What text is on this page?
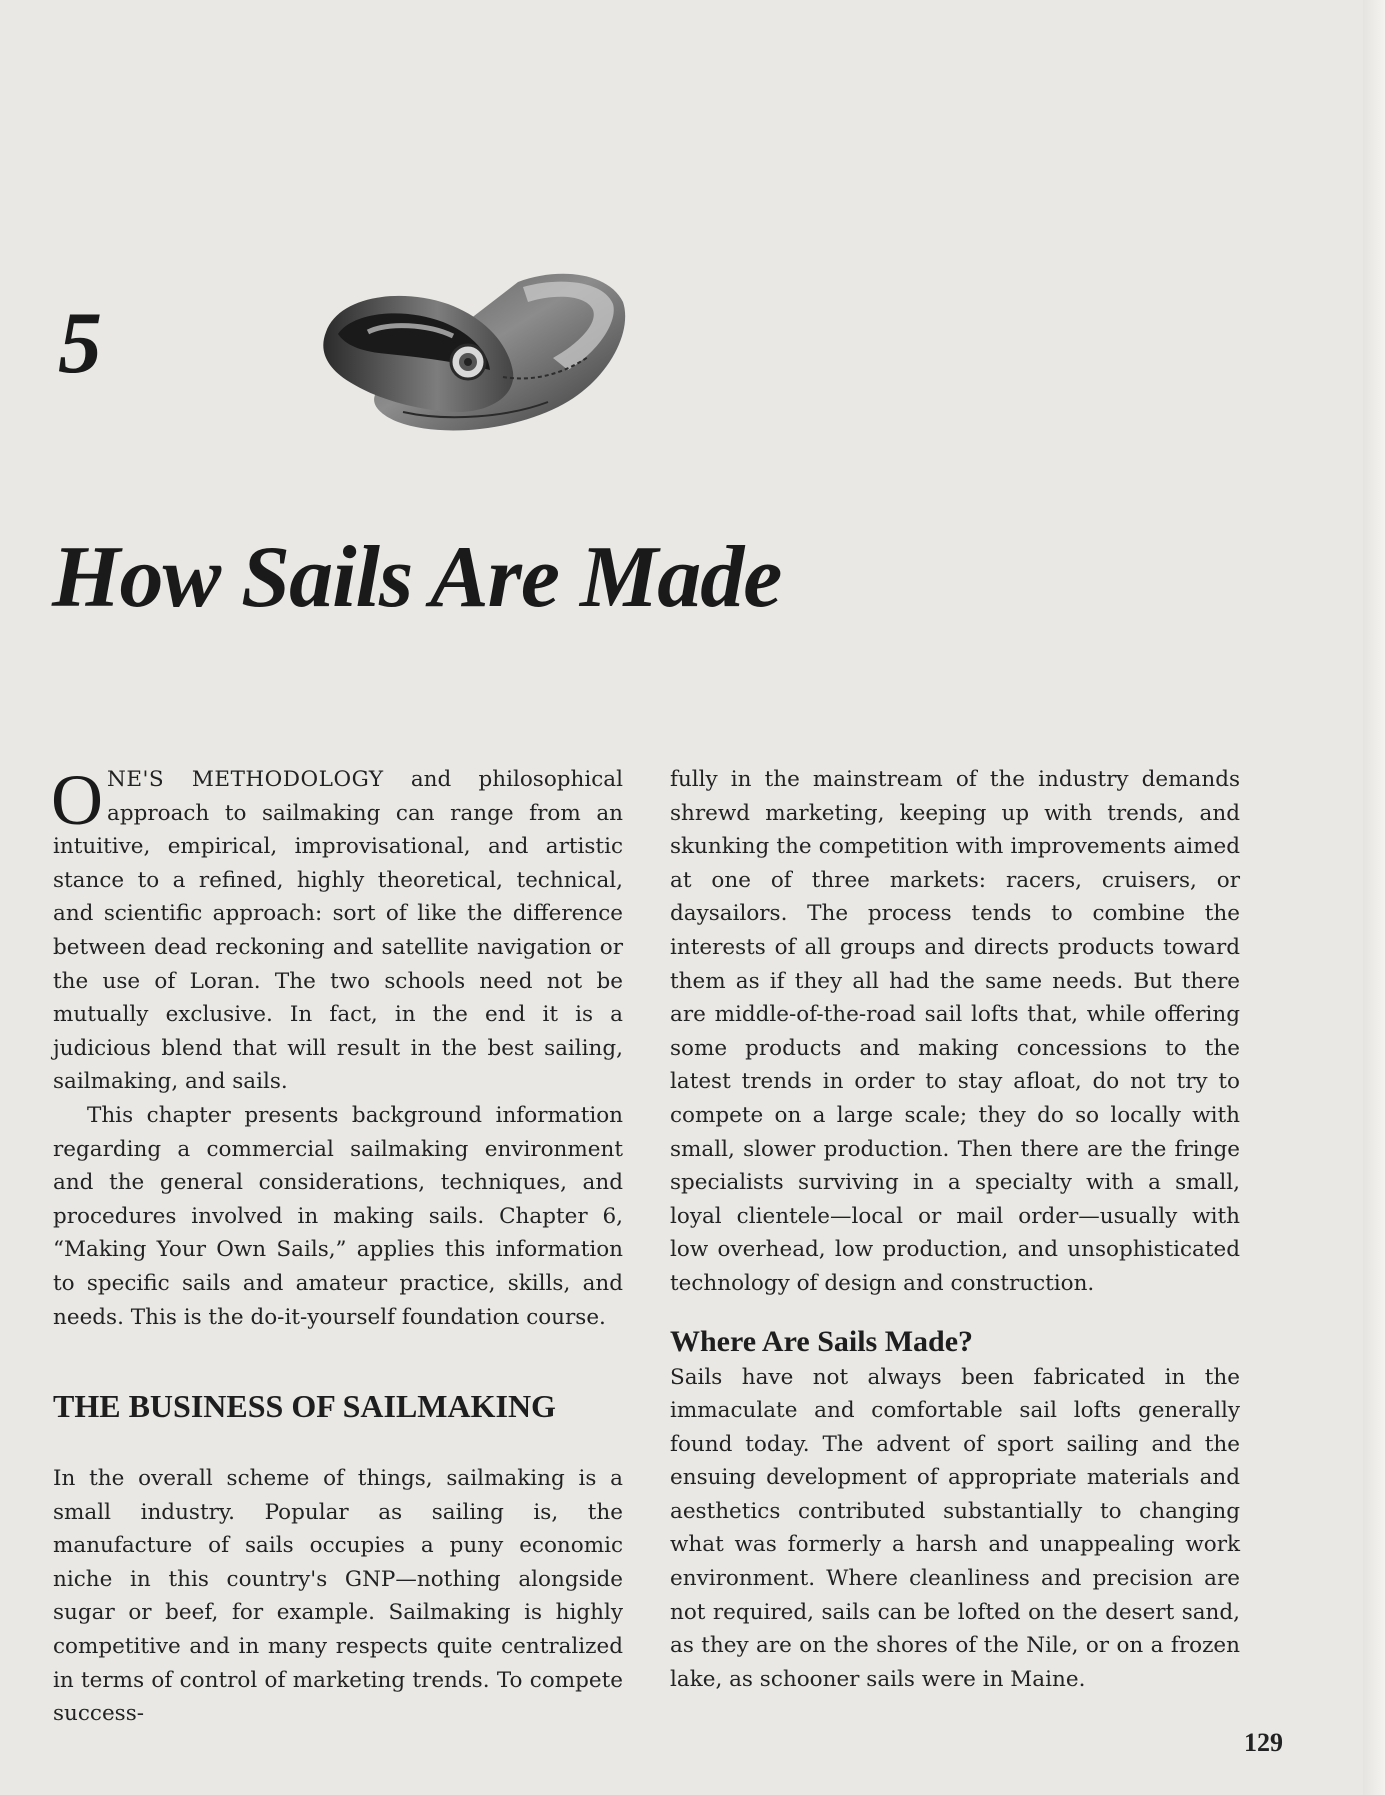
5
How Sails Are Made

ONE'S METHODOLOGY and philosophical approach to sailmaking can range from an intuitive, empirical, improvisational, and artistic stance to a refined, highly theoretical, technical, and scientific approach: sort of like the difference between dead reckoning and satellite navigation or the use of Loran. The two schools need not be mutually exclusive. In fact, in the end it is a judicious blend that will result in the best sailing, sailmaking, and sails.

This chapter presents background information regarding a commercial sailmaking environment and the general considerations, techniques, and procedures involved in making sails. Chapter 6, “Making Your Own Sails,” applies this information to specific sails and amateur practice, skills, and needs. This is the do-it-yourself foundation course.

THE BUSINESS OF SAILMAKING

In the overall scheme of things, sailmaking is a small industry. Popular as sailing is, the manufacture of sails occupies a puny economic niche in this country's GNP—nothing alongside sugar or beef, for example. Sailmaking is highly competitive and in many respects quite centralized in terms of control of marketing trends. To compete success-

fully in the mainstream of the industry demands shrewd marketing, keeping up with trends, and skunking the competition with improvements aimed at one of three markets: racers, cruisers, or daysailors. The process tends to combine the interests of all groups and directs products toward them as if they all had the same needs. But there are middle-of-the-road sail lofts that, while offering some products and making concessions to the latest trends in order to stay afloat, do not try to compete on a large scale; they do so locally with small, slower production. Then there are the fringe specialists surviving in a specialty with a small, loyal clientele—local or mail order—usually with low overhead, low production, and unsophisticated technology of design and construction.

Where Are Sails Made?

Sails have not always been fabricated in the immaculate and comfortable sail lofts generally found today. The advent of sport sailing and the ensuing development of appropriate materials and aesthetics contributed substantially to changing what was formerly a harsh and unappealing work environment. Where cleanliness and precision are not required, sails can be lofted on the desert sand, as they are on the shores of the Nile, or on a frozen lake, as schooner sails were in Maine.

129
